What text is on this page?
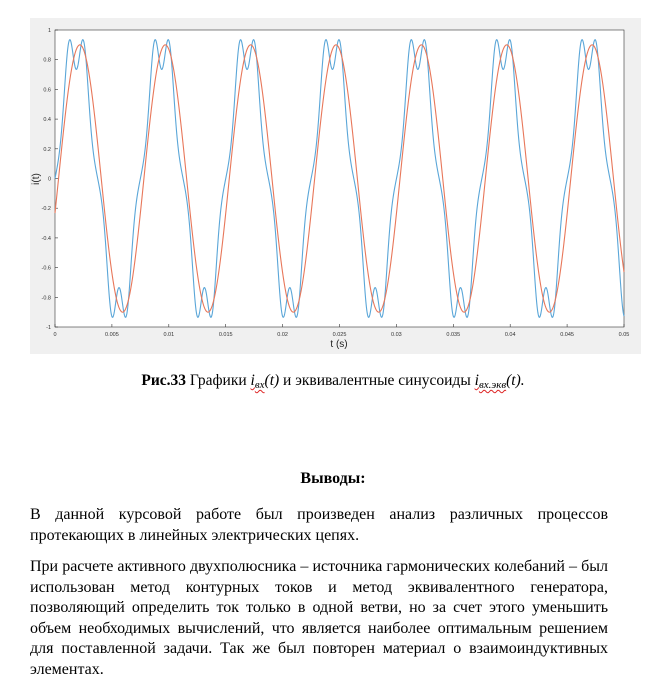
0	0.005	0.01	0.015	0.02	0.025	0.03	0.035	0.04	0.045	0.05
1
0.8
0.6
0.4
0.2
0
-0.2
-0.4
-0.6
-0.8
-1
t (s)
i(t)
Рис.33 Графики $i_{вх}(t)$ и эквивалентные синусоиды $i_{вх.экв}(t)$.
Выводы:

В данной курсовой работе был произведен анализ различных процессов протекающих в линейных электрических цепях.

При расчете активного двухполюсника – источника гармонических колебаний – был использован метод контурных токов и метод эквивалентного генератора, позволяющий определить ток только в одной ветви, но за счет этого уменьшить объем необходимых вычислений, что является наиболее оптимальным решением для поставленной задачи. Так же был повторен материал о взаимоиндуктивных элементах.
